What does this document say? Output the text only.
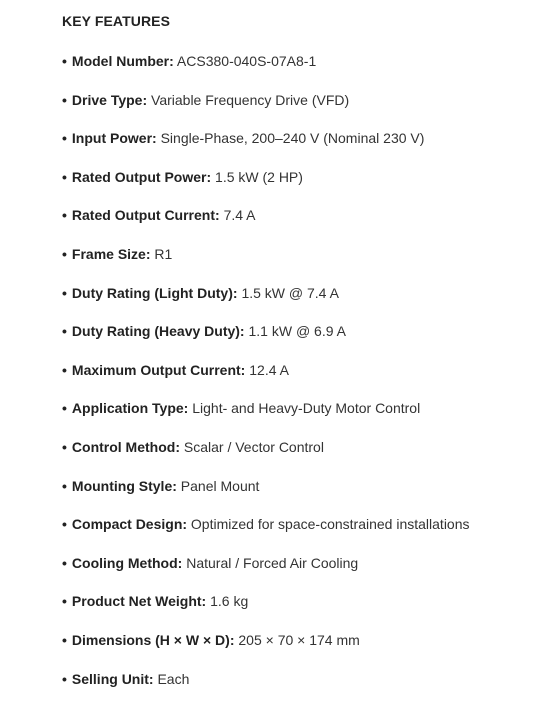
KEY FEATURES
• Model Number: ACS380-040S-07A8-1
• Drive Type: Variable Frequency Drive (VFD)
• Input Power: Single-Phase, 200–240 V (Nominal 230 V)
• Rated Output Power: 1.5 kW (2 HP)
• Rated Output Current: 7.4 A
• Frame Size: R1
• Duty Rating (Light Duty): 1.5 kW @ 7.4 A
• Duty Rating (Heavy Duty): 1.1 kW @ 6.9 A
• Maximum Output Current: 12.4 A
• Application Type: Light- and Heavy-Duty Motor Control
• Control Method: Scalar / Vector Control
• Mounting Style: Panel Mount
• Compact Design: Optimized for space-constrained installations
• Cooling Method: Natural / Forced Air Cooling
• Product Net Weight: 1.6 kg
• Dimensions (H × W × D): 205 × 70 × 174 mm
• Selling Unit: Each
